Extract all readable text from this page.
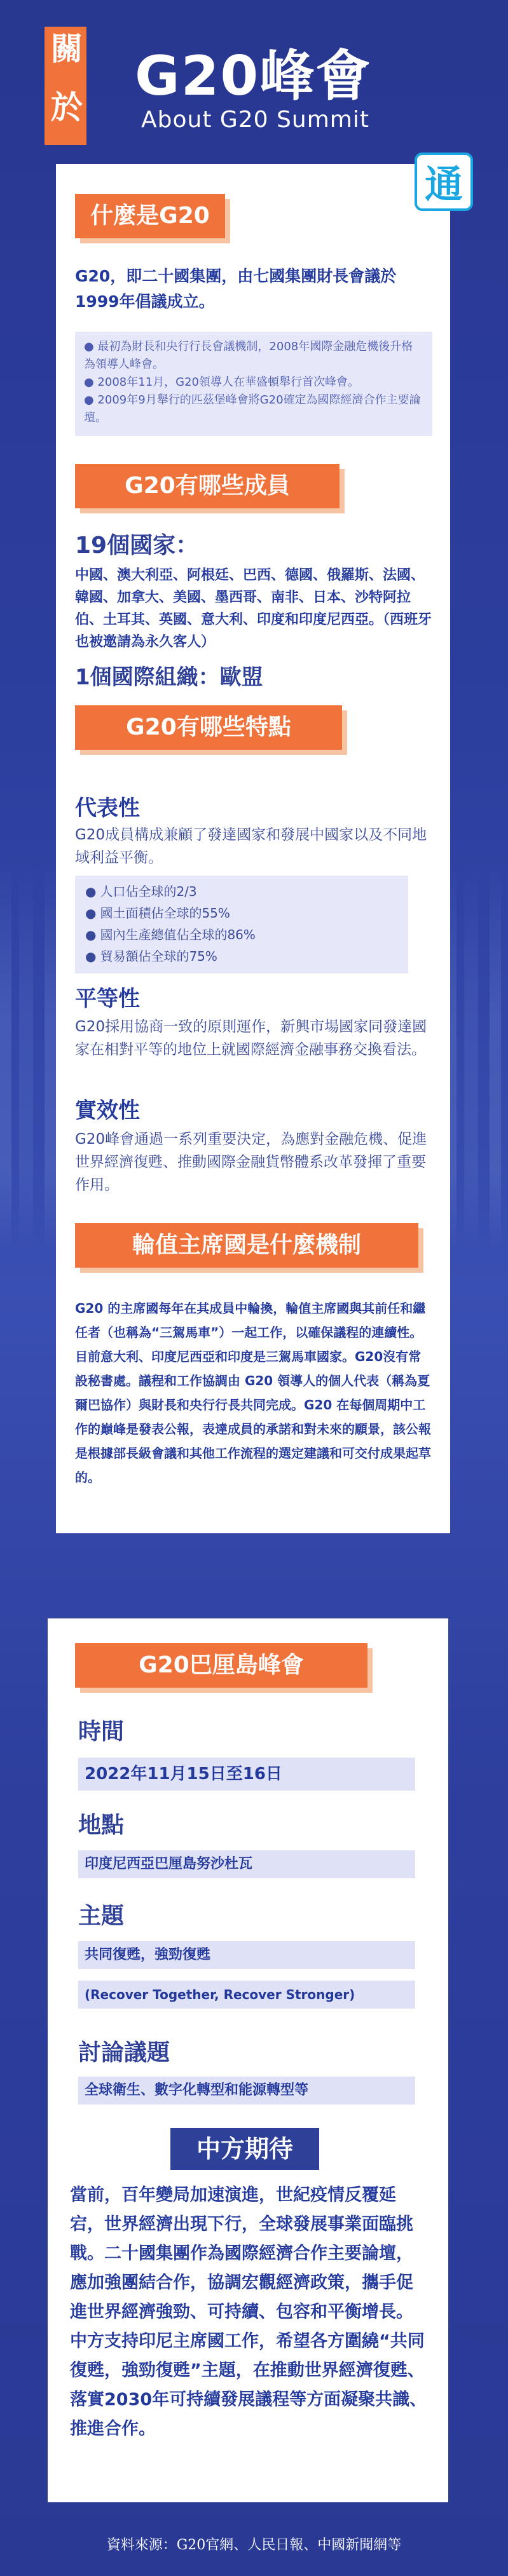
關
於 G20峰會
About G20 Summit
通
什麼是G20
G20，即二十國集團，由七國集團財長會議於1999年倡議成立。
● 最初為財長和央行行長會議機制，2008年國際金融危機後升格為領導人峰會。
● 2008年11月，G20領導人在華盛頓舉行首次峰會。
● 2009年9月舉行的匹茲堡峰會將G20確定為國際經濟合作主要論壇。
G20有哪些成員
19個國家：
中國、澳大利亞、阿根廷、巴西、德國、俄羅斯、法國、韓國、加拿大、美國、墨西哥、南非、日本、沙特阿拉伯、土耳其、英國、意大利、印度和印度尼西亞。（西班牙也被邀請為永久客人）
1個國際組織：歐盟
G20有哪些特點
代表性
G20成員構成兼顧了發達國家和發展中國家以及不同地域利益平衡。
● 人口佔全球的2/3
● 國土面積佔全球的55%
● 國內生產總值佔全球的86%
● 貿易額佔全球的75%
平等性
G20採用協商一致的原則運作，新興市場國家同發達國家在相對平等的地位上就國際經濟金融事務交換看法。
實效性
G20峰會通過一系列重要決定，為應對金融危機、促進世界經濟復甦、推動國際金融貨幣體系改革發揮了重要作用。
輪值主席國是什麼機制
G20 的主席國每年在其成員中輪換，輪值主席國與其前任和繼任者（也稱為“三駕馬車”）一起工作，以確保議程的連續性。目前意大利、印度尼西亞和印度是三駕馬車國家。G20沒有常設秘書處。議程和工作協調由 G20 領導人的個人代表（稱為夏爾巴協作）與財長和央行行長共同完成。G20 在每個周期中工作的巔峰是發表公報，表達成員的承諾和對未來的願景，該公報是根據部長級會議和其他工作流程的選定建議和可交付成果起草的。
G20巴厘島峰會
時間
2022年11月15日至16日
地點
印度尼西亞巴厘島努沙杜瓦
主題
共同復甦，強勁復甦
(Recover Together, Recover Stronger)
討論議題
全球衛生、數字化轉型和能源轉型等
中方期待
當前，百年變局加速演進，世紀疫情反覆延宕，世界經濟出現下行，全球發展事業面臨挑戰。二十國集團作為國際經濟合作主要論壇，應加強團結合作，協調宏觀經濟政策，攜手促進世界經濟強勁、可持續、包容和平衡增長。中方支持印尼主席國工作，希望各方圍繞“共同復甦，強勁復甦”主題，在推動世界經濟復甦、落實2030年可持續發展議程等方面凝聚共識、推進合作。
資料來源：G20官網、人民日報、中國新聞網等
